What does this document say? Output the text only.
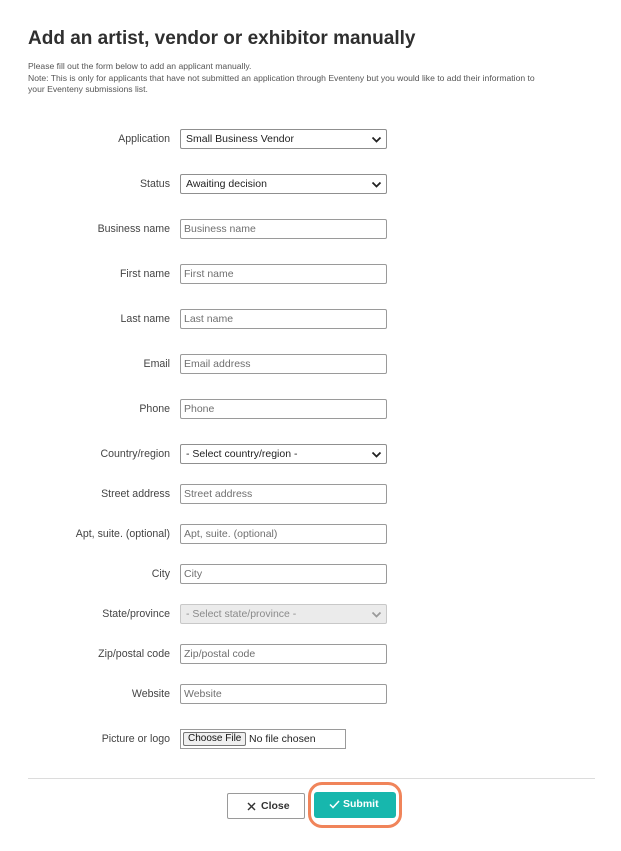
Add an artist, vendor or exhibitor manually
Please fill out the form below to add an applicant manually.
Note: This is only for applicants that have not submitted an application through Eventeny but you would like to add their information to
your Eventeny submissions list.
Application Small Business Vendor
Status Awaiting decision
Business name
Business name
First name
First name
Last name
Last name
Email
Email address
Phone
Phone
Country/region - Select country/region -
Street address
Street address
Apt, suite. (optional)
Apt, suite. (optional)
City
City
State/province - Select state/province -
Zip/postal code
Zip/postal code
Website
Website
Picture or logo	Choose File No file chosen
Close	Submit
